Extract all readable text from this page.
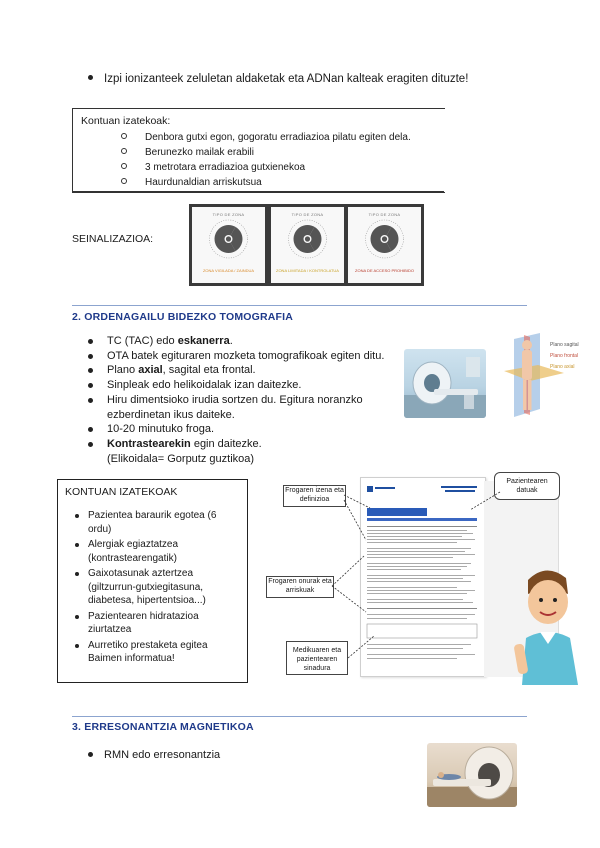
Izpi ionizanteek zeluletan aldaketak eta ADNan kalteak eragiten dituzte!
Kontuan izatekoak:
Denbora gutxi egon, gogoratu erradiazioa pilatu egiten dela.
Berunezko mailak erabili
3 metrotara erradiazioa gutxienekoa
Haurdunaldian arriskutsua
SEINALIZAZIOA:
TIPO DE ZONA
ZONA VIGILADA / ZAINDUA
TIPO DE ZONA
ZONA LIMITADA / KONTROLATUA
TIPO DE ZONA
ZONA DE ACCESO PROHIBIDO
2. ORDENAGAILU BIDEZKO TOMOGRAFIA
TC (TAC) edo eskanerra.
OTA batek egituraren mozketa tomografikoak egiten ditu.
Plano axial, sagital eta frontal.
Sinpleak edo helikoidalak izan daitezke.
Hiru dimentsioko irudia sortzen du. Egitura noranzko ezberdinetan ikus daiteke.
10-20 minutuko froga.
Kontrastearekin egin daitezke. (Elikoidala= Gorputz guztikoa)
Plano sagital
Plano frontal
Plano axial
KONTUAN IZATEKOAK
Pazientea baraurik egotea (6 ordu)
Alergiak egiaztatzea (kontrastearengatik)
Gaixotasunak aztertzea (giltzurrun-gutxiegitasuna, diabetesa, hipertentsioa...)
Pazientearen hidratazioa ziurtatzea
Aurretiko prestaketa egitea Baimen informatua!
Frogaren izena eta definizioa
Frogaren onurak eta arriskuak
Medikuaren eta pazientearen sinadura
Pazientearen datuak
3. ERRESONANTZIA MAGNETIKOA
RMN edo erresonantzia
